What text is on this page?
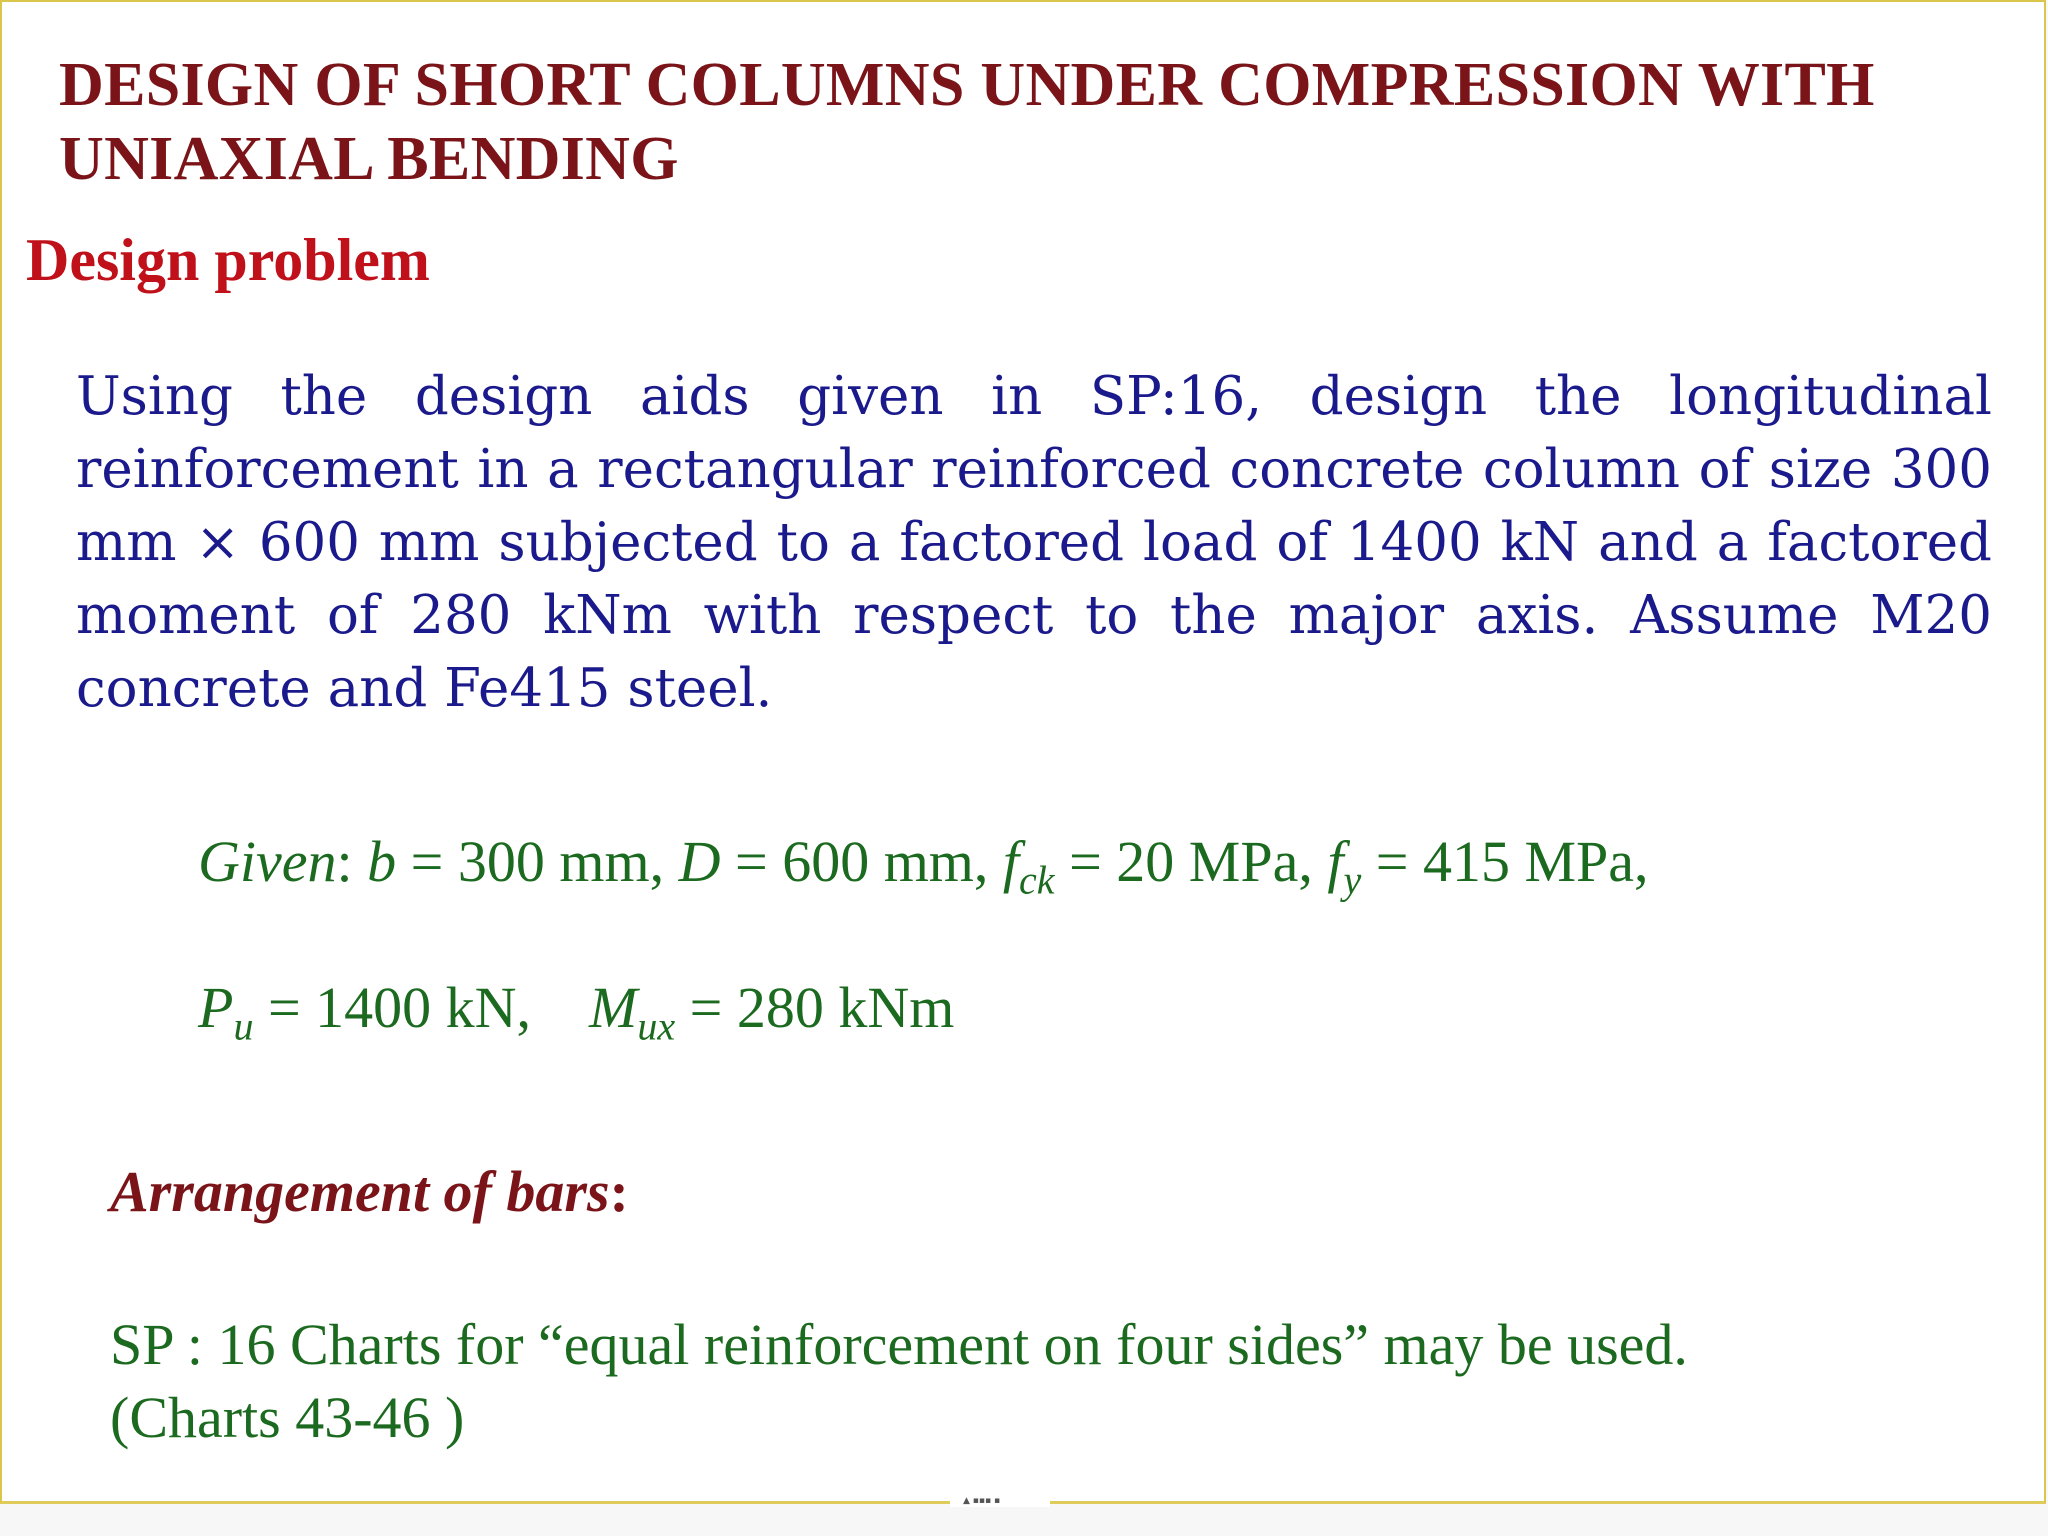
DESIGN OF SHORT COLUMNS UNDER COMPRESSION WITH
UNIAXIAL BENDING
Design problem

Using the design aids given in SP:16, design the longitudinal reinforcement in a rectangular reinforced concrete column of size 300 mm × 600 mm subjected to a factored load of 1400 kN and a factored moment of 280 kNm with respect to the major axis. Assume M20 concrete and Fe415 steel.

Given: b = 300 mm, D = 600 mm, $f_{ck} = 20$ MPa, $f_y = 415$ MPa,

$P_u = 1400$ kN,    $M_{ux} = 280$ kNm

Arrangement of bars:

SP : 16 Charts for “equal reinforcement on four sides” may be used.
(Charts 43-46 )

▲ ▪▪▪ ▪
